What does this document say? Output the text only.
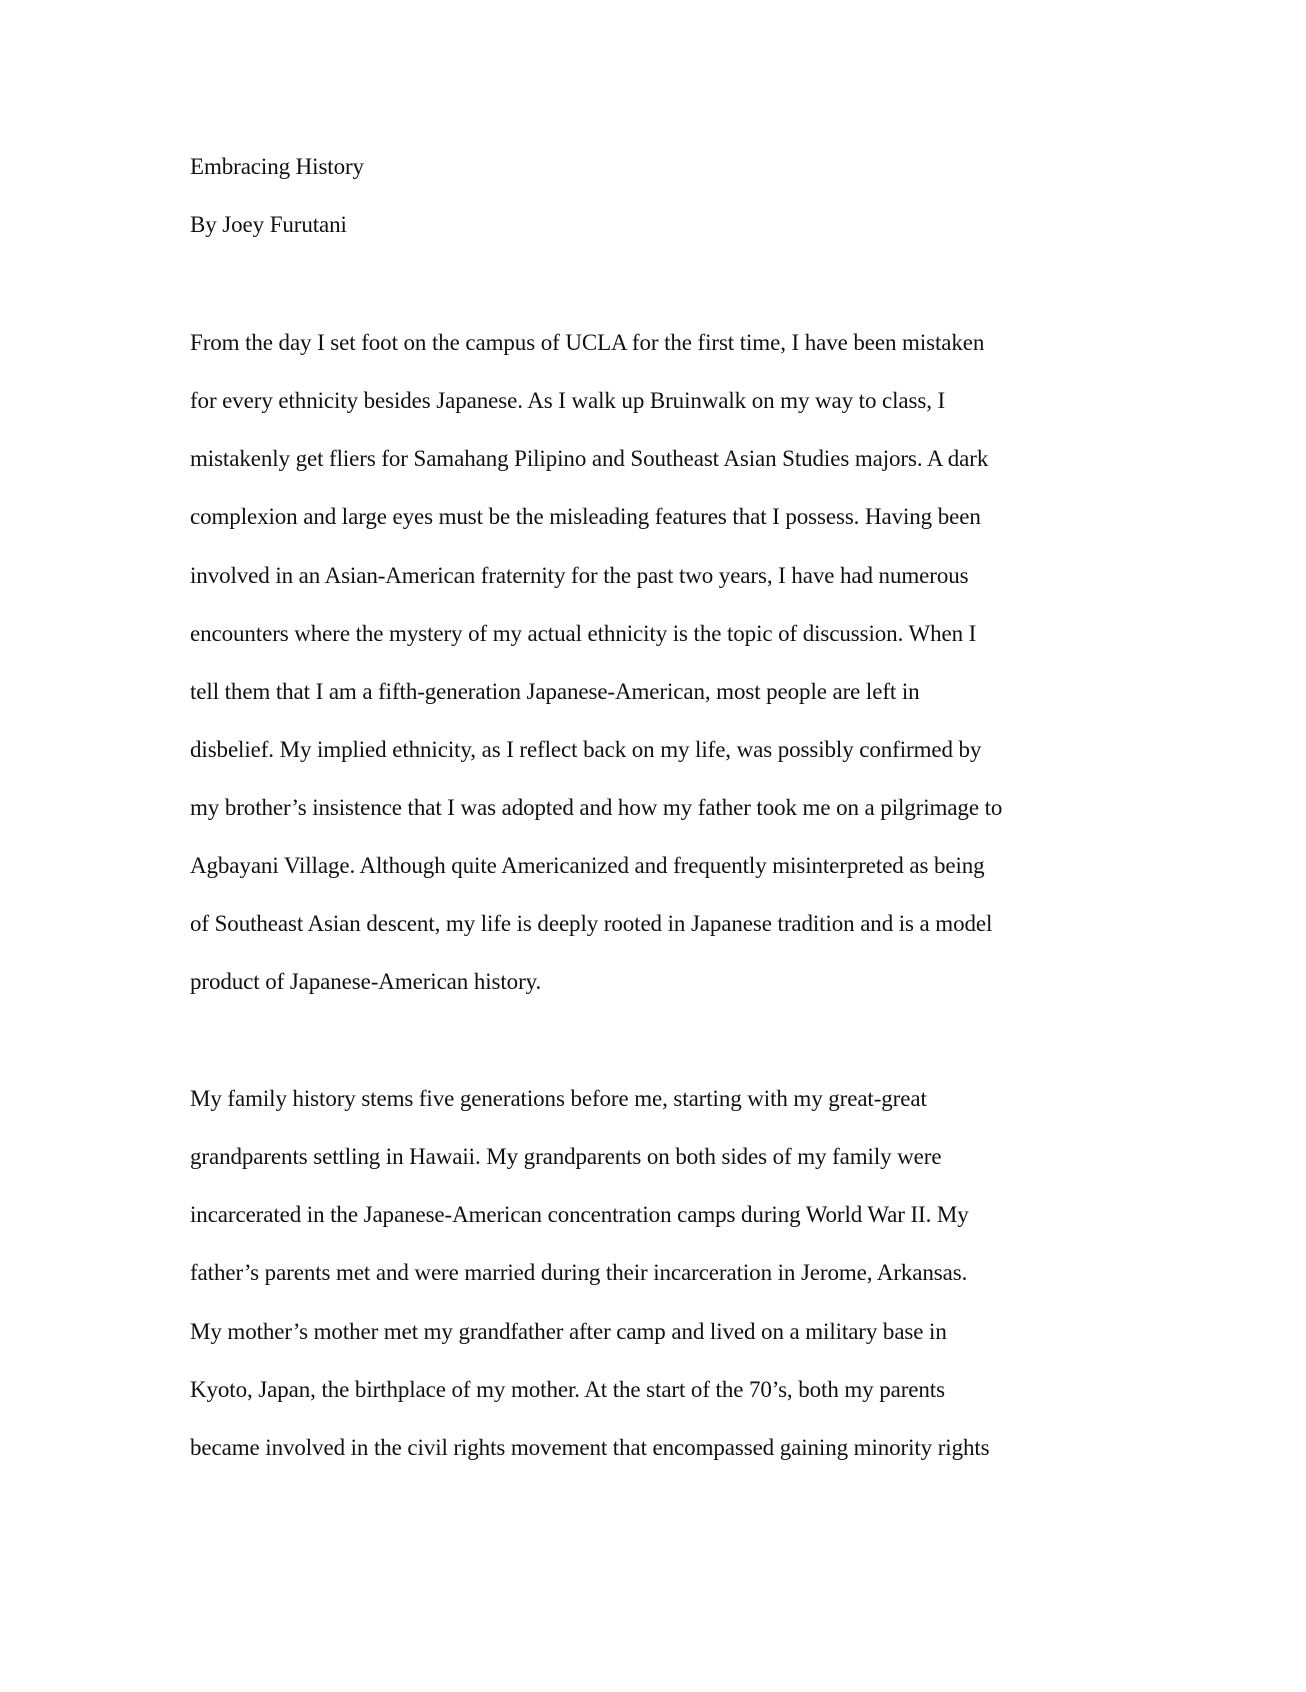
Embracing History
By Joey Furutani
From the day I set foot on the campus of UCLA for the first time, I have been mistaken
for every ethnicity besides Japanese. As I walk up Bruinwalk on my way to class, I
mistakenly get fliers for Samahang Pilipino and Southeast Asian Studies majors. A dark
complexion and large eyes must be the misleading features that I possess. Having been
involved in an Asian-American fraternity for the past two years, I have had numerous
encounters where the mystery of my actual ethnicity is the topic of discussion. When I
tell them that I am a fifth-generation Japanese-American, most people are left in
disbelief. My implied ethnicity, as I reflect back on my life, was possibly confirmed by
my brother’s insistence that I was adopted and how my father took me on a pilgrimage to
Agbayani Village. Although quite Americanized and frequently misinterpreted as being
of Southeast Asian descent, my life is deeply rooted in Japanese tradition and is a model
product of Japanese-American history.
My family history stems five generations before me, starting with my great-great
grandparents settling in Hawaii. My grandparents on both sides of my family were
incarcerated in the Japanese-American concentration camps during World War II. My
father’s parents met and were married during their incarceration in Jerome, Arkansas.
My mother’s mother met my grandfather after camp and lived on a military base in
Kyoto, Japan, the birthplace of my mother. At the start of the 70’s, both my parents
became involved in the civil rights movement that encompassed gaining minority rights
